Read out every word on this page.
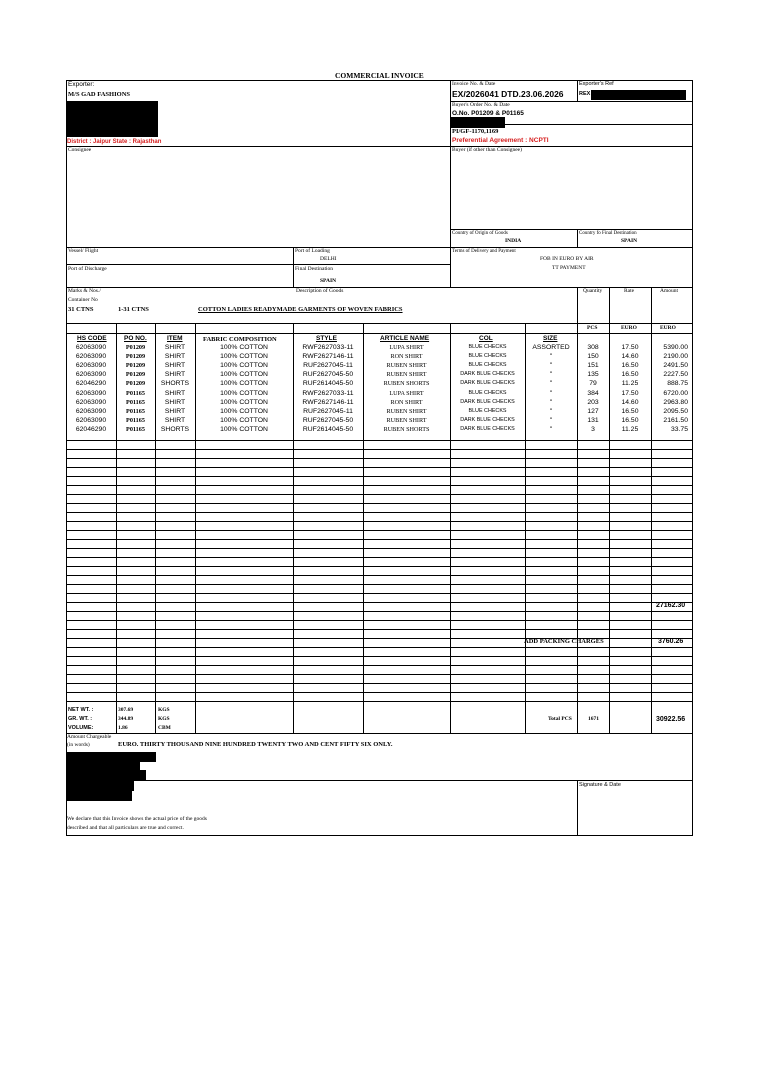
COMMERCIAL INVOICE
Exporter:
M/S GAD FASHIONS
District : Jaipur State : Rajasthan
Invoice No. & Date
EX/2026041 DTD.23.06.2026
Exporter's Ref
REX
Buyer's Order No. & Date
O.No. P01209 & P01165
PI/GF-1170,1169
Preferential Agreement : NCPTI
Consignee	Buyer (if other than Consignee)
Country of Origin of Goods
INDIA
Country fo Final Destination
SPAIN
Vessel/ Flight	Port of Loading
DELHI
Terms of Delivery and Payment
FOB IN EURO BY AIR
TT PAYMENT
Port of Discharge	Final Destination
SPAIN
Marks & Nos./
Container No
31 CTNS	1-31 CTNS
Description of Goods
COTTON LADIES READYMADE GARMENTS OF WOVEN FABRICS
Quantity	Rate	Amount
PCS	EURO	EURO
HS CODE	PO NO.	ITEM	FABRIC COMPOSITION	STYLE	ARTICLE NAME	COL	SIZE
62063090	P01209	SHIRT	100% COTTON	RWF2627033-11	LUPA SHIRT	BLUE CHECKS	ASSORTED	308	17.50	5390.00
62063090	P01209	SHIRT	100% COTTON	RWF2627146-11	RON SHIRT	BLUE CHECKS	"	150	14.60	2190.00
62063090	P01209	SHIRT	100% COTTON	RUF2627045-11	RUBEN SHIRT	BLUE CHECKS	"	151	16.50	2491.50
62063090	P01209	SHIRT	100% COTTON	RUF2627045-50	RUBEN SHIRT	DARK BLUE CHECKS	"	135	16.50	2227.50
62046290	P01209	SHORTS	100% COTTON	RUF2614045-50	RUBEN SHORTS	DARK BLUE CHECKS	"	79	11.25	888.75
62063090	P01165	SHIRT	100% COTTON	RWF2627033-11	LUPA SHIRT	BLUE CHECKS	"	384	17.50	6720.00
62063090	P01165	SHIRT	100% COTTON	RWF2627146-11	RON SHIRT	DARK BLUE CHECKS	"	203	14.60	2963.80
62063090	P01165	SHIRT	100% COTTON	RUF2627045-11	RUBEN SHIRT	BLUE CHECKS	"	127	16.50	2095.50
62063090	P01165	SHIRT	100% COTTON	RUF2627045-50	RUBEN SHIRT	DARK BLUE CHECKS	"	131	16.50	2161.50
62046290	P01165	SHORTS	100% COTTON	RUF2614045-50	RUBEN SHORTS	DARK BLUE CHECKS	"	3	11.25	33.75
27162.30
ADD PACKING CHARGES	3760.26
NET WT. :	307.69	KGS
GR. WT. :	344.89	KGS
VOLUME:	1.86	CBM
Total PCS	1671	30922.56
Amount Chargeable
(in words)	EURO. THIRTY THOUSAND NINE HUNDRED TWENTY TWO AND CENT FIFTY SIX ONLY.
Signature & Date
We declare that this Invoice shows the actual price of the goods
described and that all particulars are true and correct.
